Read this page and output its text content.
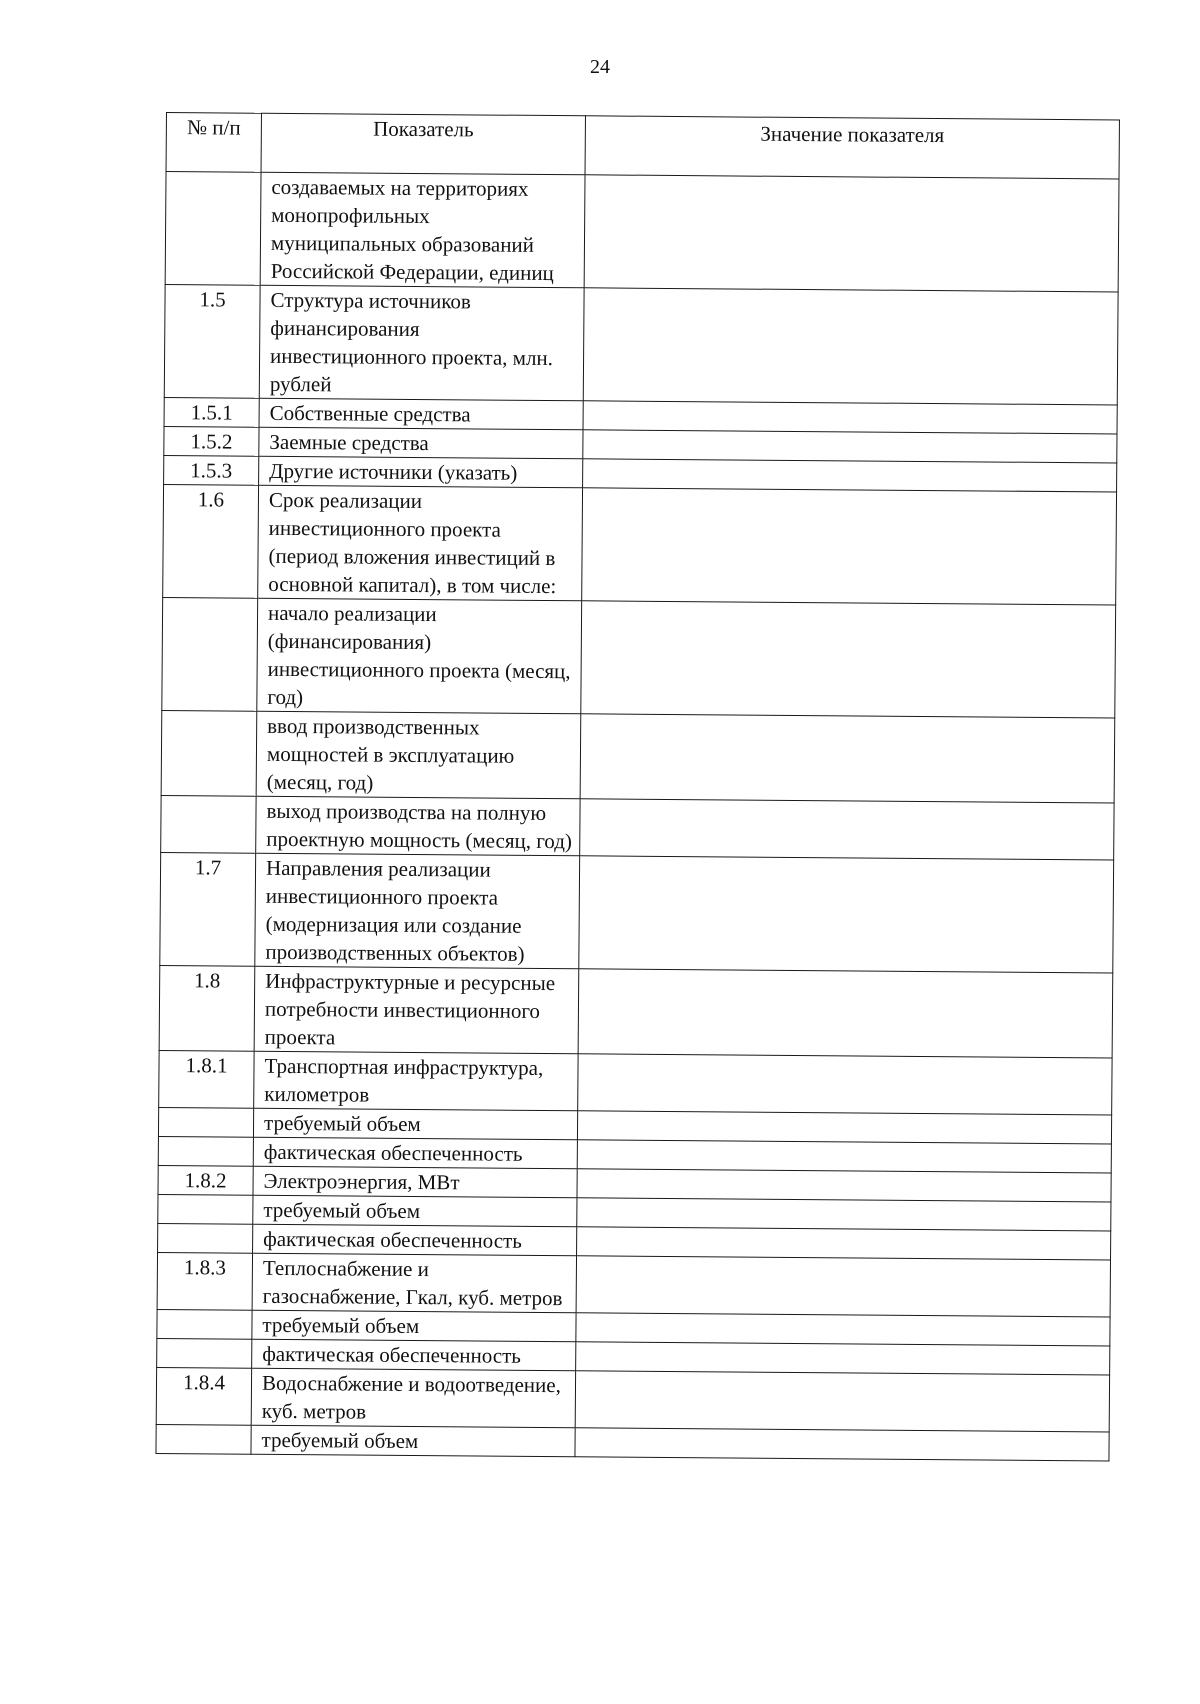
24
№ п/п	Показатель	Значение показателя
	создаваемых на территориях монопрофильных муниципальных образований Российской Федерации, единиц	
1.5	Структура источников финансирования инвестиционного проекта, млн. рублей	
1.5.1	Собственные средства	
1.5.2	Заемные средства	
1.5.3	Другие источники (указать)	
1.6	Срок реализации инвестиционного проекта (период вложения инвестиций в основной капитал), в том числе:	
	начало реализации (финансирования) инвестиционного проекта (месяц, год)	
	ввод производственных мощностей в эксплуатацию (месяц, год)	
	выход производства на полную проектную мощность (месяц, год)	
1.7	Направления реализации инвестиционного проекта (модернизация или создание производственных объектов)	
1.8	Инфраструктурные и ресурсные потребности инвестиционного проекта	
1.8.1	Транспортная инфраструктура, километров	
	требуемый объем	
	фактическая обеспеченность	
1.8.2	Электроэнергия, МВт	
	требуемый объем	
	фактическая обеспеченность	
1.8.3	Теплоснабжение и газоснабжение, Гкал, куб. метров	
	требуемый объем	
	фактическая обеспеченность	
1.8.4	Водоснабжение и водоотведение, куб. метров	
	требуемый объем	
